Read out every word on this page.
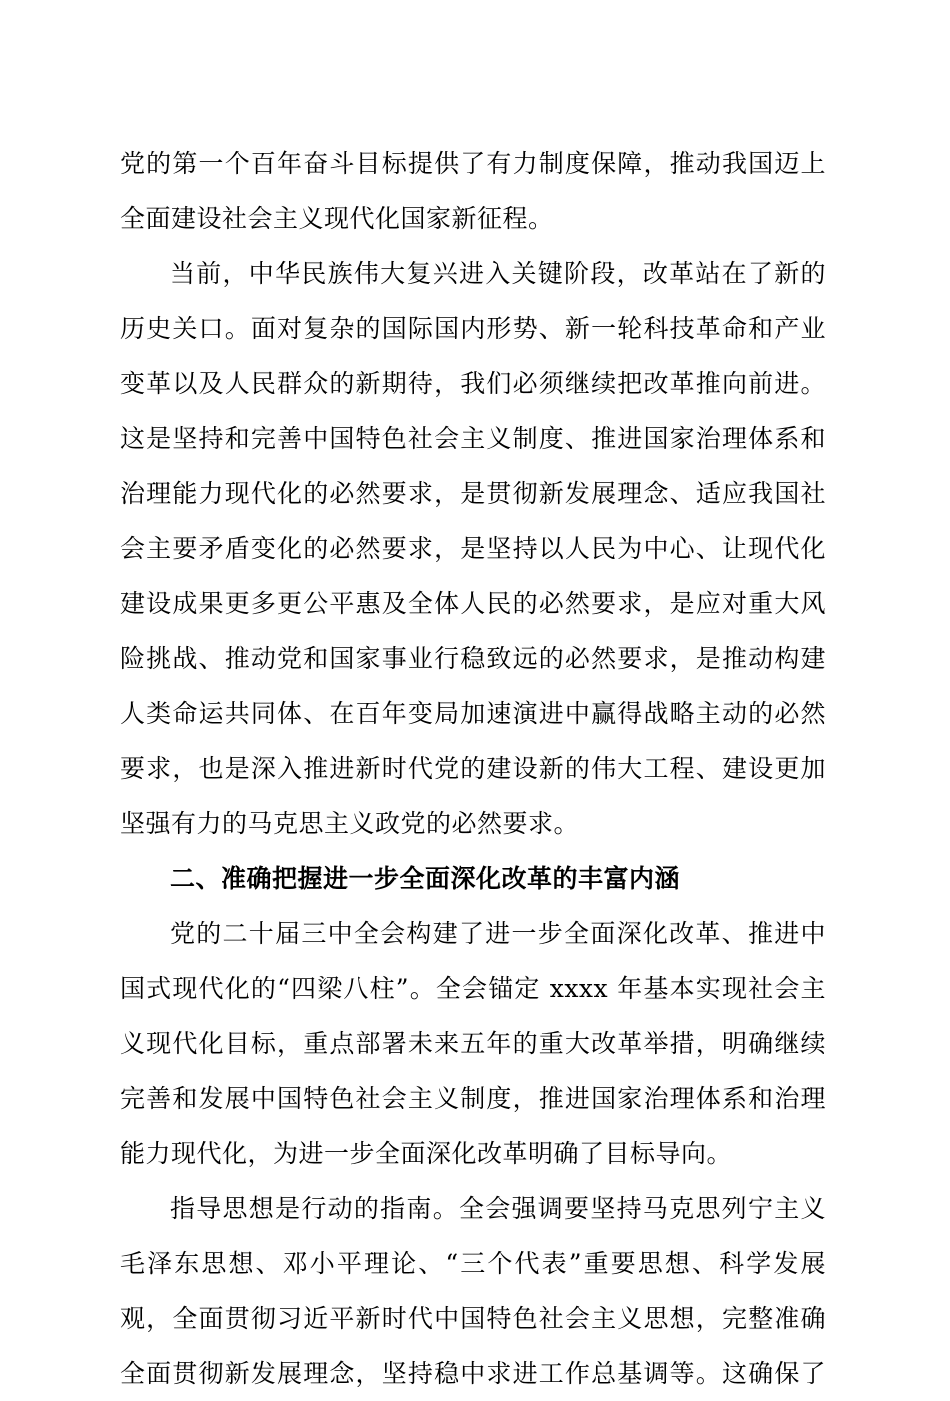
党的第一个百年奋斗目标提供了有力制度保障，推动我国迈上
全面建设社会主义现代化国家新征程。
当前，中华民族伟大复兴进入关键阶段，改革站在了新的
历史关口。面对复杂的国际国内形势、新一轮科技革命和产业
变革以及人民群众的新期待，我们必须继续把改革推向前进。
这是坚持和完善中国特色社会主义制度、推进国家治理体系和
治理能力现代化的必然要求，是贯彻新发展理念、适应我国社
会主要矛盾变化的必然要求，是坚持以人民为中心、让现代化
建设成果更多更公平惠及全体人民的必然要求，是应对重大风
险挑战、推动党和国家事业行稳致远的必然要求，是推动构建
人类命运共同体、在百年变局加速演进中赢得战略主动的必然
要求，也是深入推进新时代党的建设新的伟大工程、建设更加
坚强有力的马克思主义政党的必然要求。
二、准确把握进一步全面深化改革的丰富内涵
党的二十届三中全会构建了进一步全面深化改革、推进中
国式现代化的“四梁八柱”。全会锚定 xxxx 年基本实现社会主
义现代化目标，重点部署未来五年的重大改革举措，明确继续
完善和发展中国特色社会主义制度，推进国家治理体系和治理
能力现代化，为进一步全面深化改革明确了目标导向。
指导思想是行动的指南。全会强调要坚持马克思列宁主义
毛泽东思想、邓小平理论、“三个代表”重要思想、科学发展
观，全面贯彻习近平新时代中国特色社会主义思想，完整准确
全面贯彻新发展理念，坚持稳中求进工作总基调等。这确保了
